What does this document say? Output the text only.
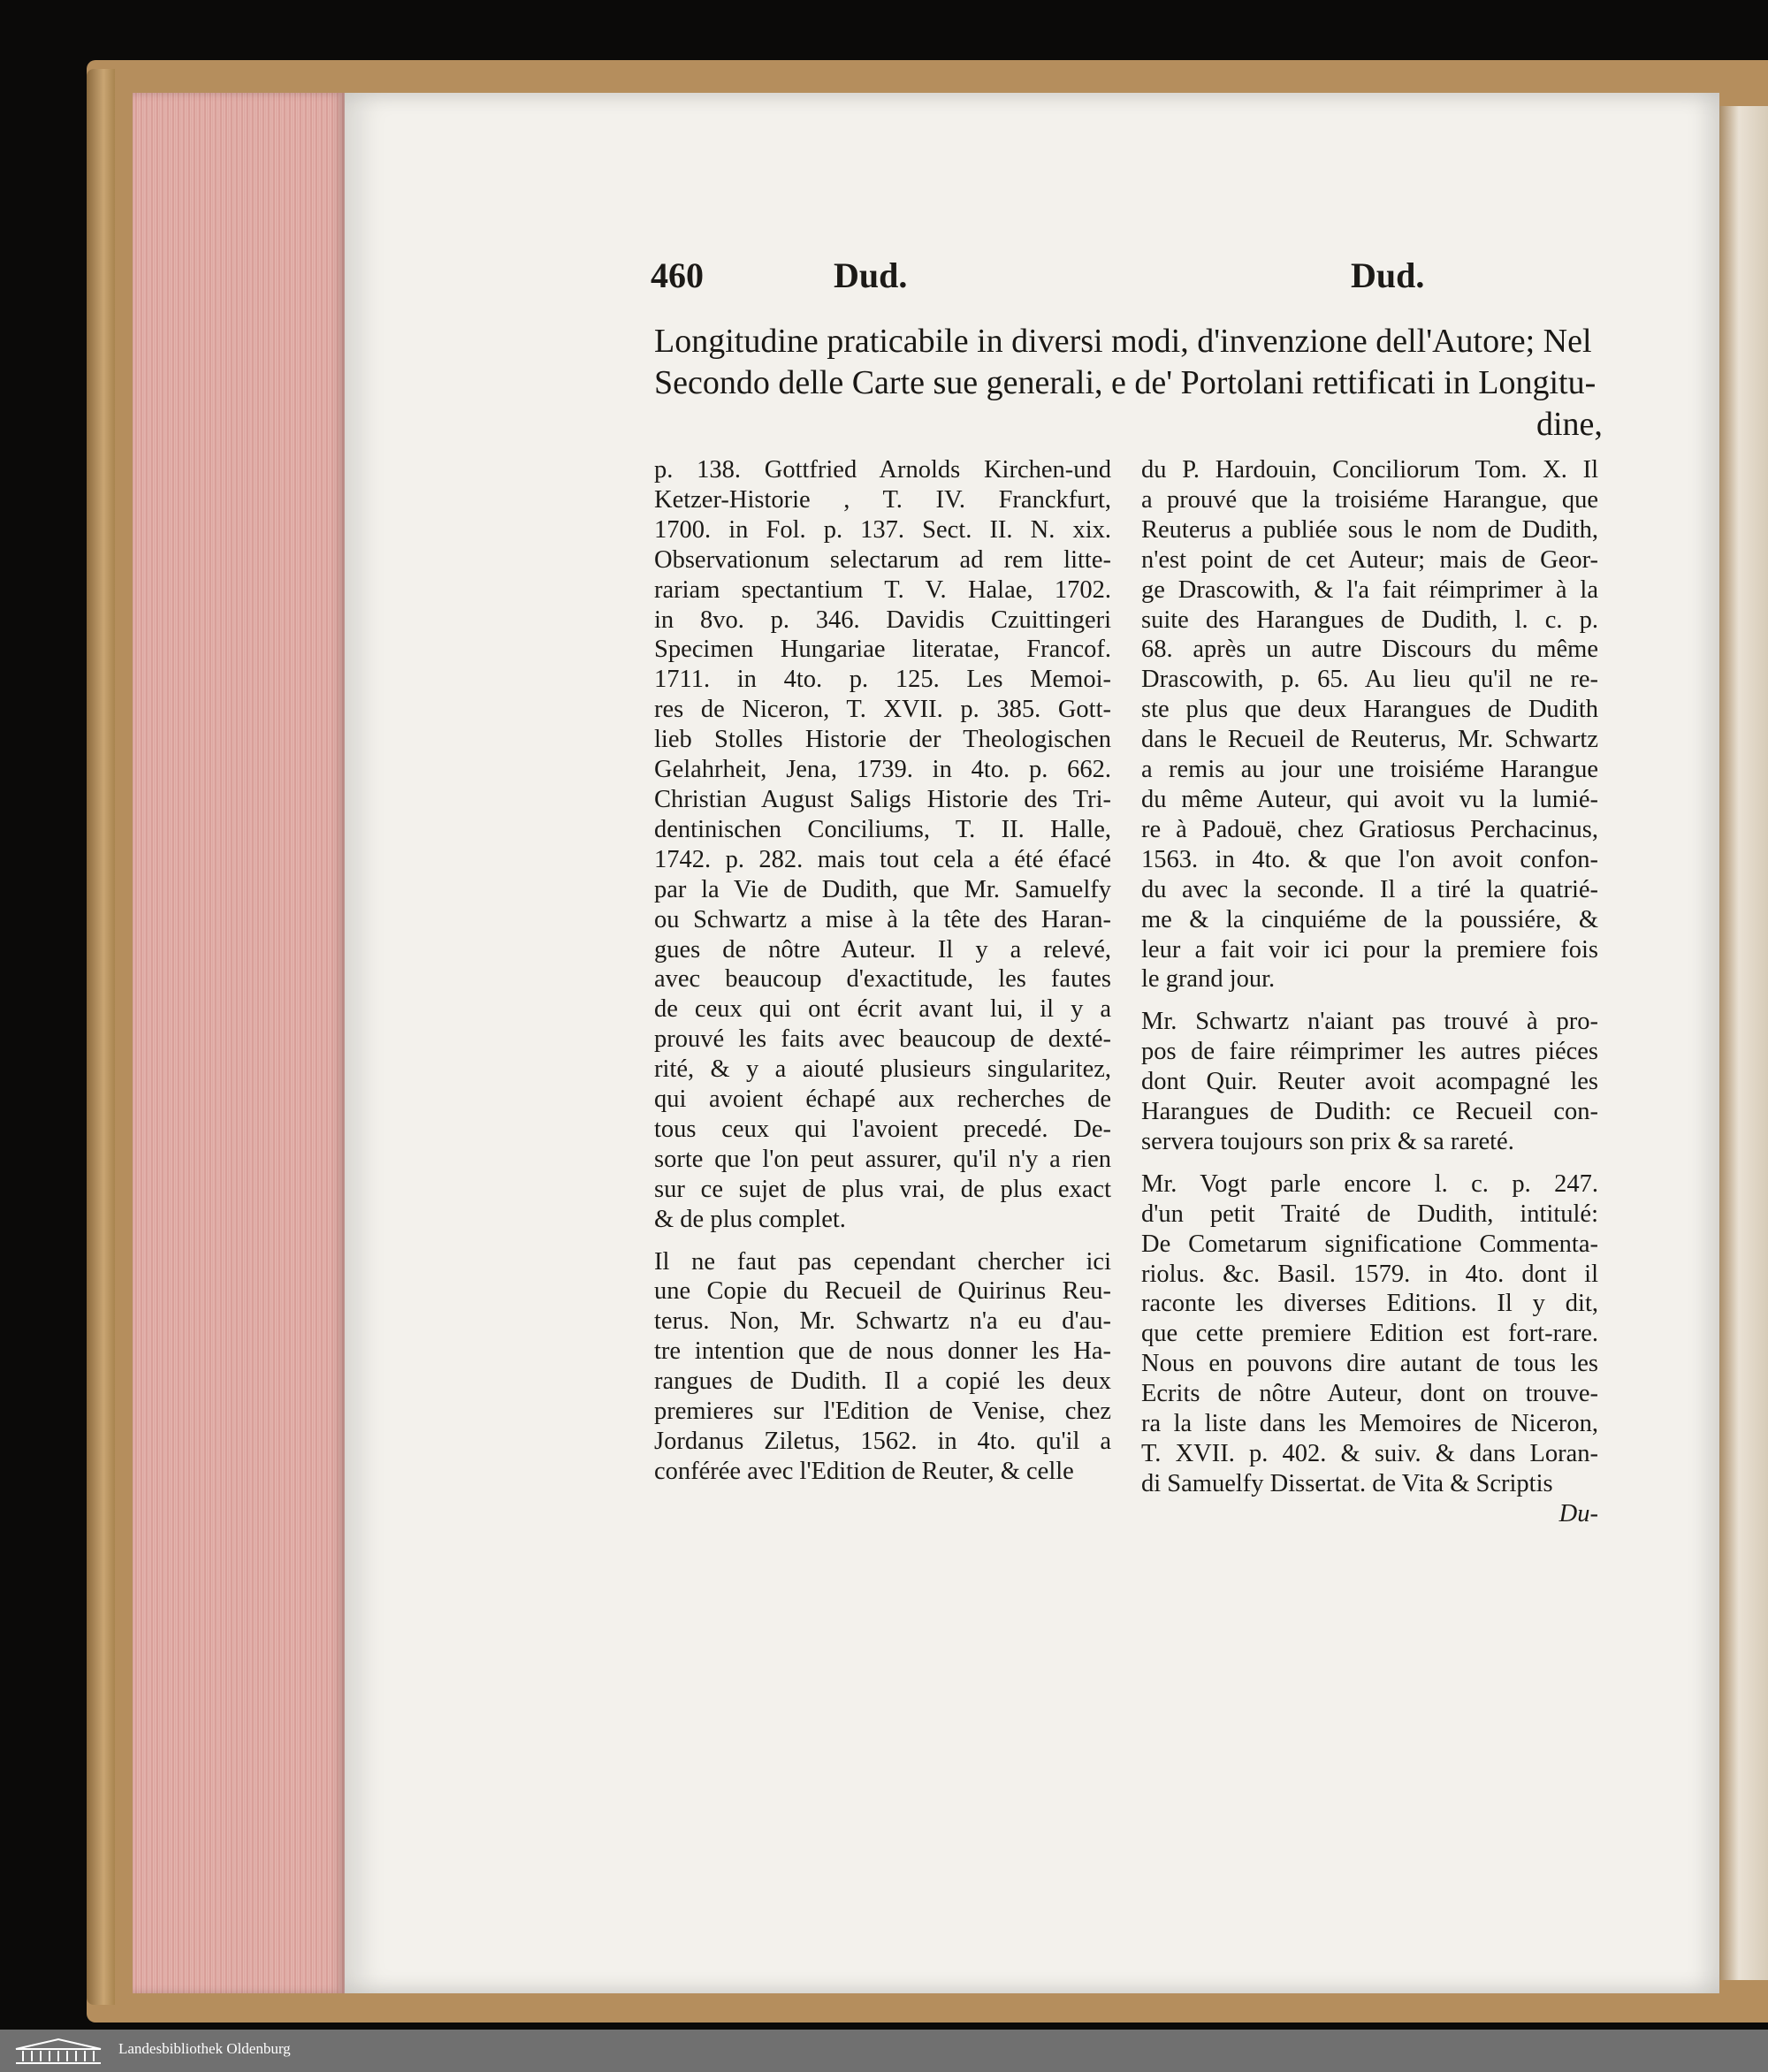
460	Dud.	Dud.
Longitudine praticabile in diversi modi, d'invenzione dell'Autore; Nel
Secondo delle Carte sue generali, e de' Portolani rettificati in Longitu-
dine,
p. 138. Gottfried Arnolds Kirchen-und
Ketzer-Historie , T. IV. Franckfurt,
1700. in Fol. p. 137. Sect. II. N. xix.
Observationum selectarum ad rem litte-
rariam spectantium T. V. Halae, 1702.
in 8vo. p. 346. Davidis Czuittingeri
Specimen Hungariae literatae, Francof.
1711. in 4to. p. 125. Les Memoi-
res de Niceron, T. XVII. p. 385. Gott-
lieb Stolles Historie der Theologischen
Gelahrheit, Jena, 1739. in 4to. p. 662.
Christian August Saligs Historie des Tri-
dentinischen Conciliums, T. II. Halle,
1742. p. 282. mais tout cela a été éfacé
par la Vie de Dudith, que Mr. Samuelfy
ou Schwartz a mise à la tête des Haran-
gues de nôtre Auteur. Il y a relevé,
avec beaucoup d'exactitude, les fautes
de ceux qui ont écrit avant lui, il y a
prouvé les faits avec beaucoup de dexté-
rité, & y a aiouté plusieurs singularitez,
qui avoient échapé aux recherches de
tous ceux qui l'avoient precedé. De-
sorte que l'on peut assurer, qu'il n'y a rien
sur ce sujet de plus vrai, de plus exact
& de plus complet.
Il ne faut pas cependant chercher ici
une Copie du Recueil de Quirinus Reu-
terus. Non, Mr. Schwartz n'a eu d'au-
tre intention que de nous donner les Ha-
rangues de Dudith. Il a copié les deux
premieres sur l'Edition de Venise, chez
Jordanus Ziletus, 1562. in 4to. qu'il a
conférée avec l'Edition de Reuter, & celle
du P. Hardouin, Conciliorum Tom. X. Il
a prouvé que la troisiéme Harangue, que
Reuterus a publiée sous le nom de Dudith,
n'est point de cet Auteur; mais de Geor-
ge Drascowith, & l'a fait réimprimer à la
suite des Harangues de Dudith, l. c. p.
68. après un autre Discours du même
Drascowith, p. 65. Au lieu qu'il ne re-
ste plus que deux Harangues de Dudith
dans le Recueil de Reuterus, Mr. Schwartz
a remis au jour une troisiéme Harangue
du même Auteur, qui avoit vu la lumié-
re à Padouë, chez Gratiosus Perchacinus,
1563. in 4to. & que l'on avoit confon-
du avec la seconde. Il a tiré la quatrié-
me & la cinquiéme de la poussiére, &
leur a fait voir ici pour la premiere fois
le grand jour.
Mr. Schwartz n'aiant pas trouvé à pro-
pos de faire réimprimer les autres piéces
dont Quir. Reuter avoit acompagné les
Harangues de Dudith: ce Recueil con-
servera toujours son prix & sa rareté.
Mr. Vogt parle encore l. c. p. 247.
d'un petit Traité de Dudith, intitulé:
De Cometarum significatione Commenta-
riolus. &c. Basil. 1579. in 4to. dont il
raconte les diverses Editions. Il y dit,
que cette premiere Edition est fort-rare.
Nous en pouvons dire autant de tous les
Ecrits de nôtre Auteur, dont on trouve-
ra la liste dans les Memoires de Niceron,
T. XVII. p. 402. & suiv. & dans Loran-
di Samuelfy Dissertat. de Vita & Scriptis
Du-
Landesbibliothek Oldenburg
